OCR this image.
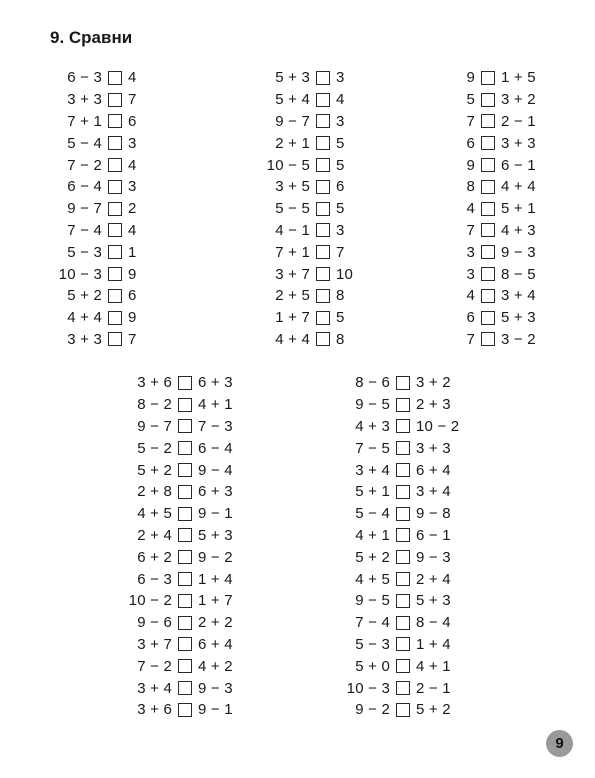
9. Сравни
6 − 3 4
3 + 3 7
7 + 1 6
5 − 4 3
7 − 2 4
6 − 4 3
9 − 7 2
7 − 4 4
5 − 3 1
10 − 3 9
5 + 2 6
4 + 4 9
3 + 3 7
5 + 3 3
5 + 4 4
9 − 7 3
2 + 1 5
10 − 5 5
3 + 5 6
5 − 5 5
4 − 1 3
7 + 1 7
3 + 7 10
2 + 5 8
1 + 7 5
4 + 4 8
9 1 + 5
5 3 + 2
7 2 − 1
6 3 + 3
9 6 − 1
8 4 + 4
4 5 + 1
7 4 + 3
3 9 − 3
3 8 − 5
4 3 + 4
6 5 + 3
7 3 − 2
3 + 6 6 + 3
8 − 2 4 + 1
9 − 7 7 − 3
5 − 2 6 − 4
5 + 2 9 − 4
2 + 8 6 + 3
4 + 5 9 − 1
2 + 4 5 + 3
6 + 2 9 − 2
6 − 3 1 + 4
10 − 2 1 + 7
9 − 6 2 + 2
3 + 7 6 + 4
7 − 2 4 + 2
3 + 4 9 − 3
3 + 6 9 − 1
8 − 6 3 + 2
9 − 5 2 + 3
4 + 3 10 − 2
7 − 5 3 + 3
3 + 4 6 + 4
5 + 1 3 + 4
5 − 4 9 − 8
4 + 1 6 − 1
5 + 2 9 − 3
4 + 5 2 + 4
9 − 5 5 + 3
7 − 4 8 − 4
5 − 3 1 + 4
5 + 0 4 + 1
10 − 3 2 − 1
9 − 2 5 + 2
9
